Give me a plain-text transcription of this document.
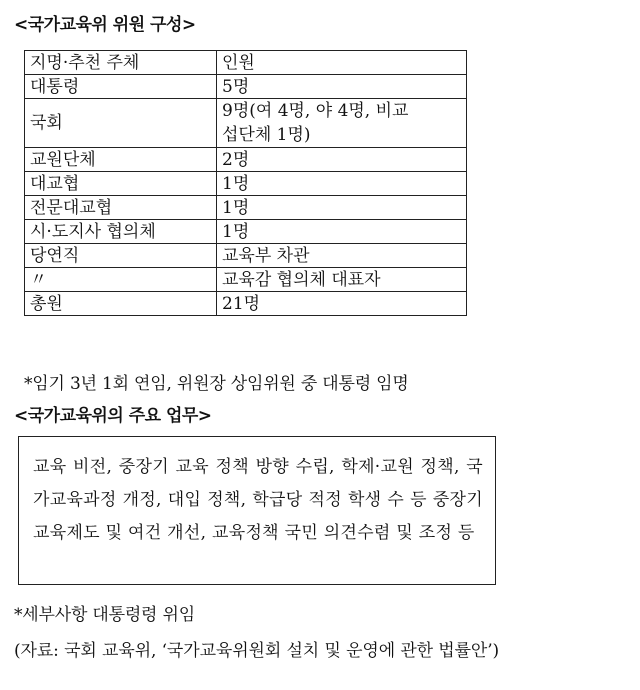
<국가교육위 위원 구성>
지명·추천 주체	인원
대통령	5명
국회	9명(여 4명, 야 4명, 비교
섭단체 1명)

교원단체	2명
대교협	1명
전문대교협	1명
시·도지사 협의체	1명
당연직	교육부 차관
〃	교육감 협의체 대표자
총원	21명
*임기 3년 1회 연임, 위원장 상임위원 중 대통령 임명
<국가교육위의 주요 업무>
교육 비전, 중장기 교육 정책 방향 수립, 학제·교원 정책, 국가교육과정 개정, 대입 정책, 학급당 적정 학생 수 등 중장기 교육제도 및 여건 개선, 교육정책 국민 의견수렴 및 조정 등
*세부사항 대통령령 위임
(자료: 국회 교육위, ‘국가교육위원회 설치 및 운영에 관한 법률안’)
